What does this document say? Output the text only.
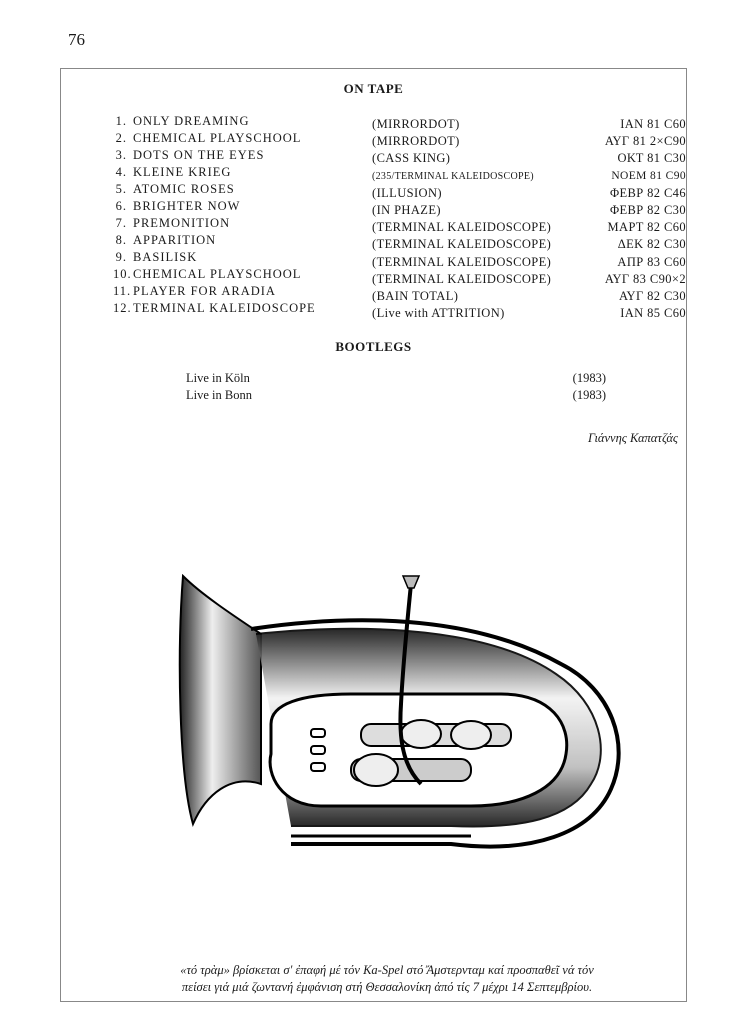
76
ON TAPE
1. ONLY DREAMING
2. CHEMICAL PLAYSCHOOL
3. DOTS ON THE EYES
4. KLEINE KRIEG
5. ATOMIC ROSES
6. BRIGHTER NOW
7. PREMONITION
8. APPARITION
9. BASILISK
10.CHEMICAL PLAYSCHOOL
11. PLAYER FOR ARADIA
12.TERMINAL KALEIDOSCOPE
(MIRRORDOT)	ΙΑΝ 81 C60
(MIRRORDOT)	ΑΥΓ 81 2×C90
(CASS KING)	ΟΚΤ 81 C30
(235/TERMINAL KALEIDOSCOPE)	ΝΟΕΜ 81 C90
(ILLUSION)	ΦΕΒΡ 82 C46
(IN PHAZE)	ΦΕΒΡ 82 C30
(TERMINAL KALEIDOSCOPE)	ΜΑΡΤ 82 C60
(TERMINAL KALEIDOSCOPE)	ΔΕΚ 82 C30
(TERMINAL KALEIDOSCOPE)	ΑΠΡ 83 C60
(TERMINAL KALEIDOSCOPE)	ΑΥΓ 83 C90×2
(BAIN TOTAL)	ΑΥΓ 82 C30
(Live with ATTRITION)	ΙΑΝ 85 C60
BOOTLEGS
Live in Köln	(1983)
Live in Bonn	(1983)
Γιάννης Καπατζάς
«τό τρὰμ» βρίσκεται σ' ἐπαφή μέ τόν Ka-Spel στό Ἄμστερνταμ καί προσπαθεῖ νά τόν
πείσει γιά μιά ζωντανή ἐμφάνιση στή Θεσσαλονίκη ἀπό τίς 7 μέχρι 14 Σεπτεμβρίου.
